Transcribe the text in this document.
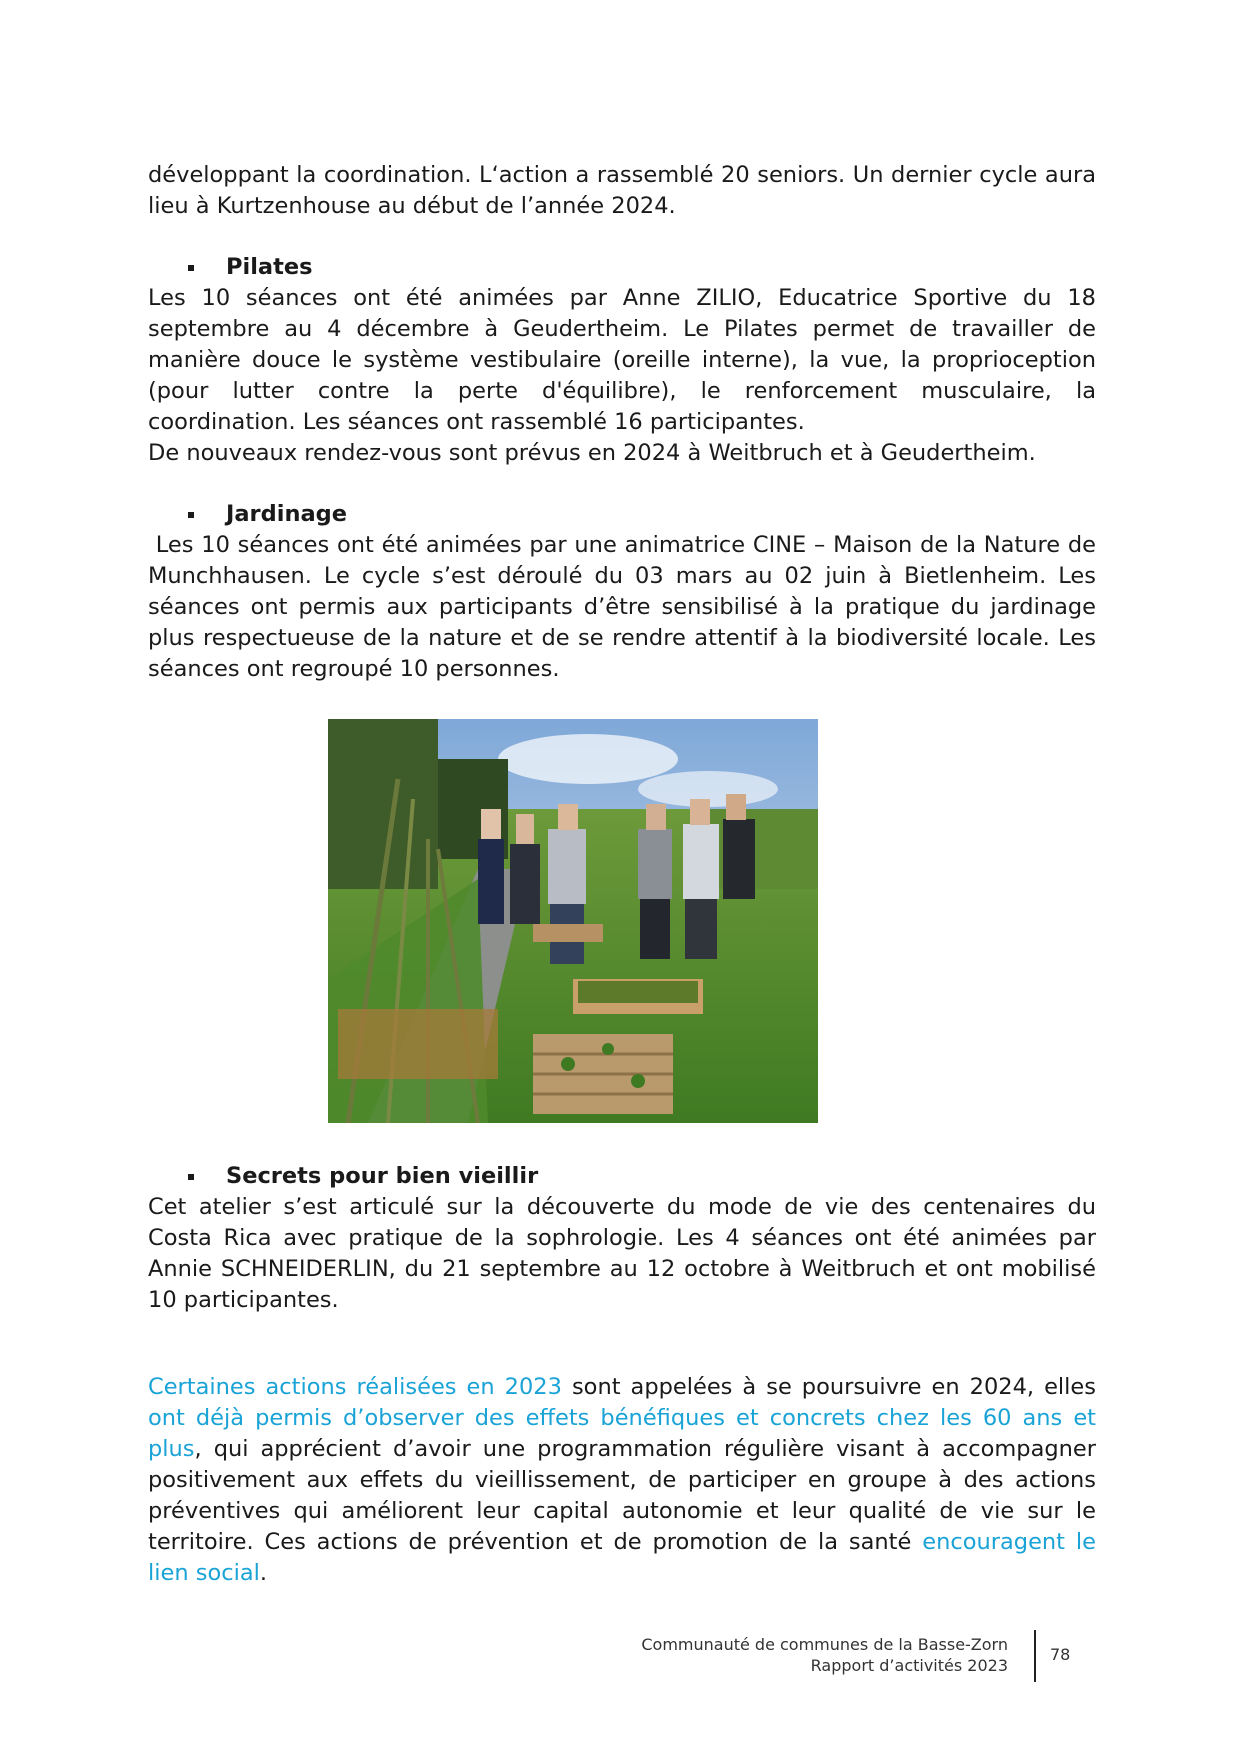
développant la coordination. L‘action a rassemblé 20 seniors. Un dernier cycle aura lieu à Kurtzenhouse au début de l’année 2024.

Pilates

Les 10 séances ont été animées par Anne ZILIO, Educatrice Sportive du 18 septembre au 4 décembre à Geudertheim. Le Pilates permet de travailler de manière douce le système vestibulaire (oreille interne), la vue, la proprioception (pour lutter contre la perte d'équilibre), le renforcement musculaire, la coordination. Les séances ont rassemblé 16 participantes.

De nouveaux rendez-vous sont prévus en 2024 à Weitbruch et à Geudertheim.

Jardinage

Les 10 séances ont été animées par une animatrice CINE – Maison de la Nature de Munchhausen. Le cycle s’est déroulé du 03 mars au 02 juin à Bietlenheim. Les séances ont permis aux participants d’être sensibilisé à la pratique du jardinage plus respectueuse de la nature et de se rendre attentif à la biodiversité locale. Les séances ont regroupé 10 personnes.

Secrets pour bien vieillir

Cet atelier s’est articulé sur la découverte du mode de vie des centenaires du Costa Rica avec pratique de la sophrologie. Les 4 séances ont été animées par Annie SCHNEIDERLIN, du 21 septembre au 12 octobre à Weitbruch et ont mobilisé 10 participantes.

Certaines actions réalisées en 2023 sont appelées à se poursuivre en 2024, elles ont déjà permis d’observer des effets bénéfiques et concrets chez les 60 ans et plus, qui apprécient d’avoir une programmation régulière visant à accompagner positivement aux effets du vieillissement, de participer en groupe à des actions préventives qui améliorent leur capital autonomie et leur qualité de vie sur le territoire. Ces actions de prévention et de promotion de la santé encouragent le lien social.

Communauté de communes de la Basse-Zorn
Rapport d’activités 2023
78
